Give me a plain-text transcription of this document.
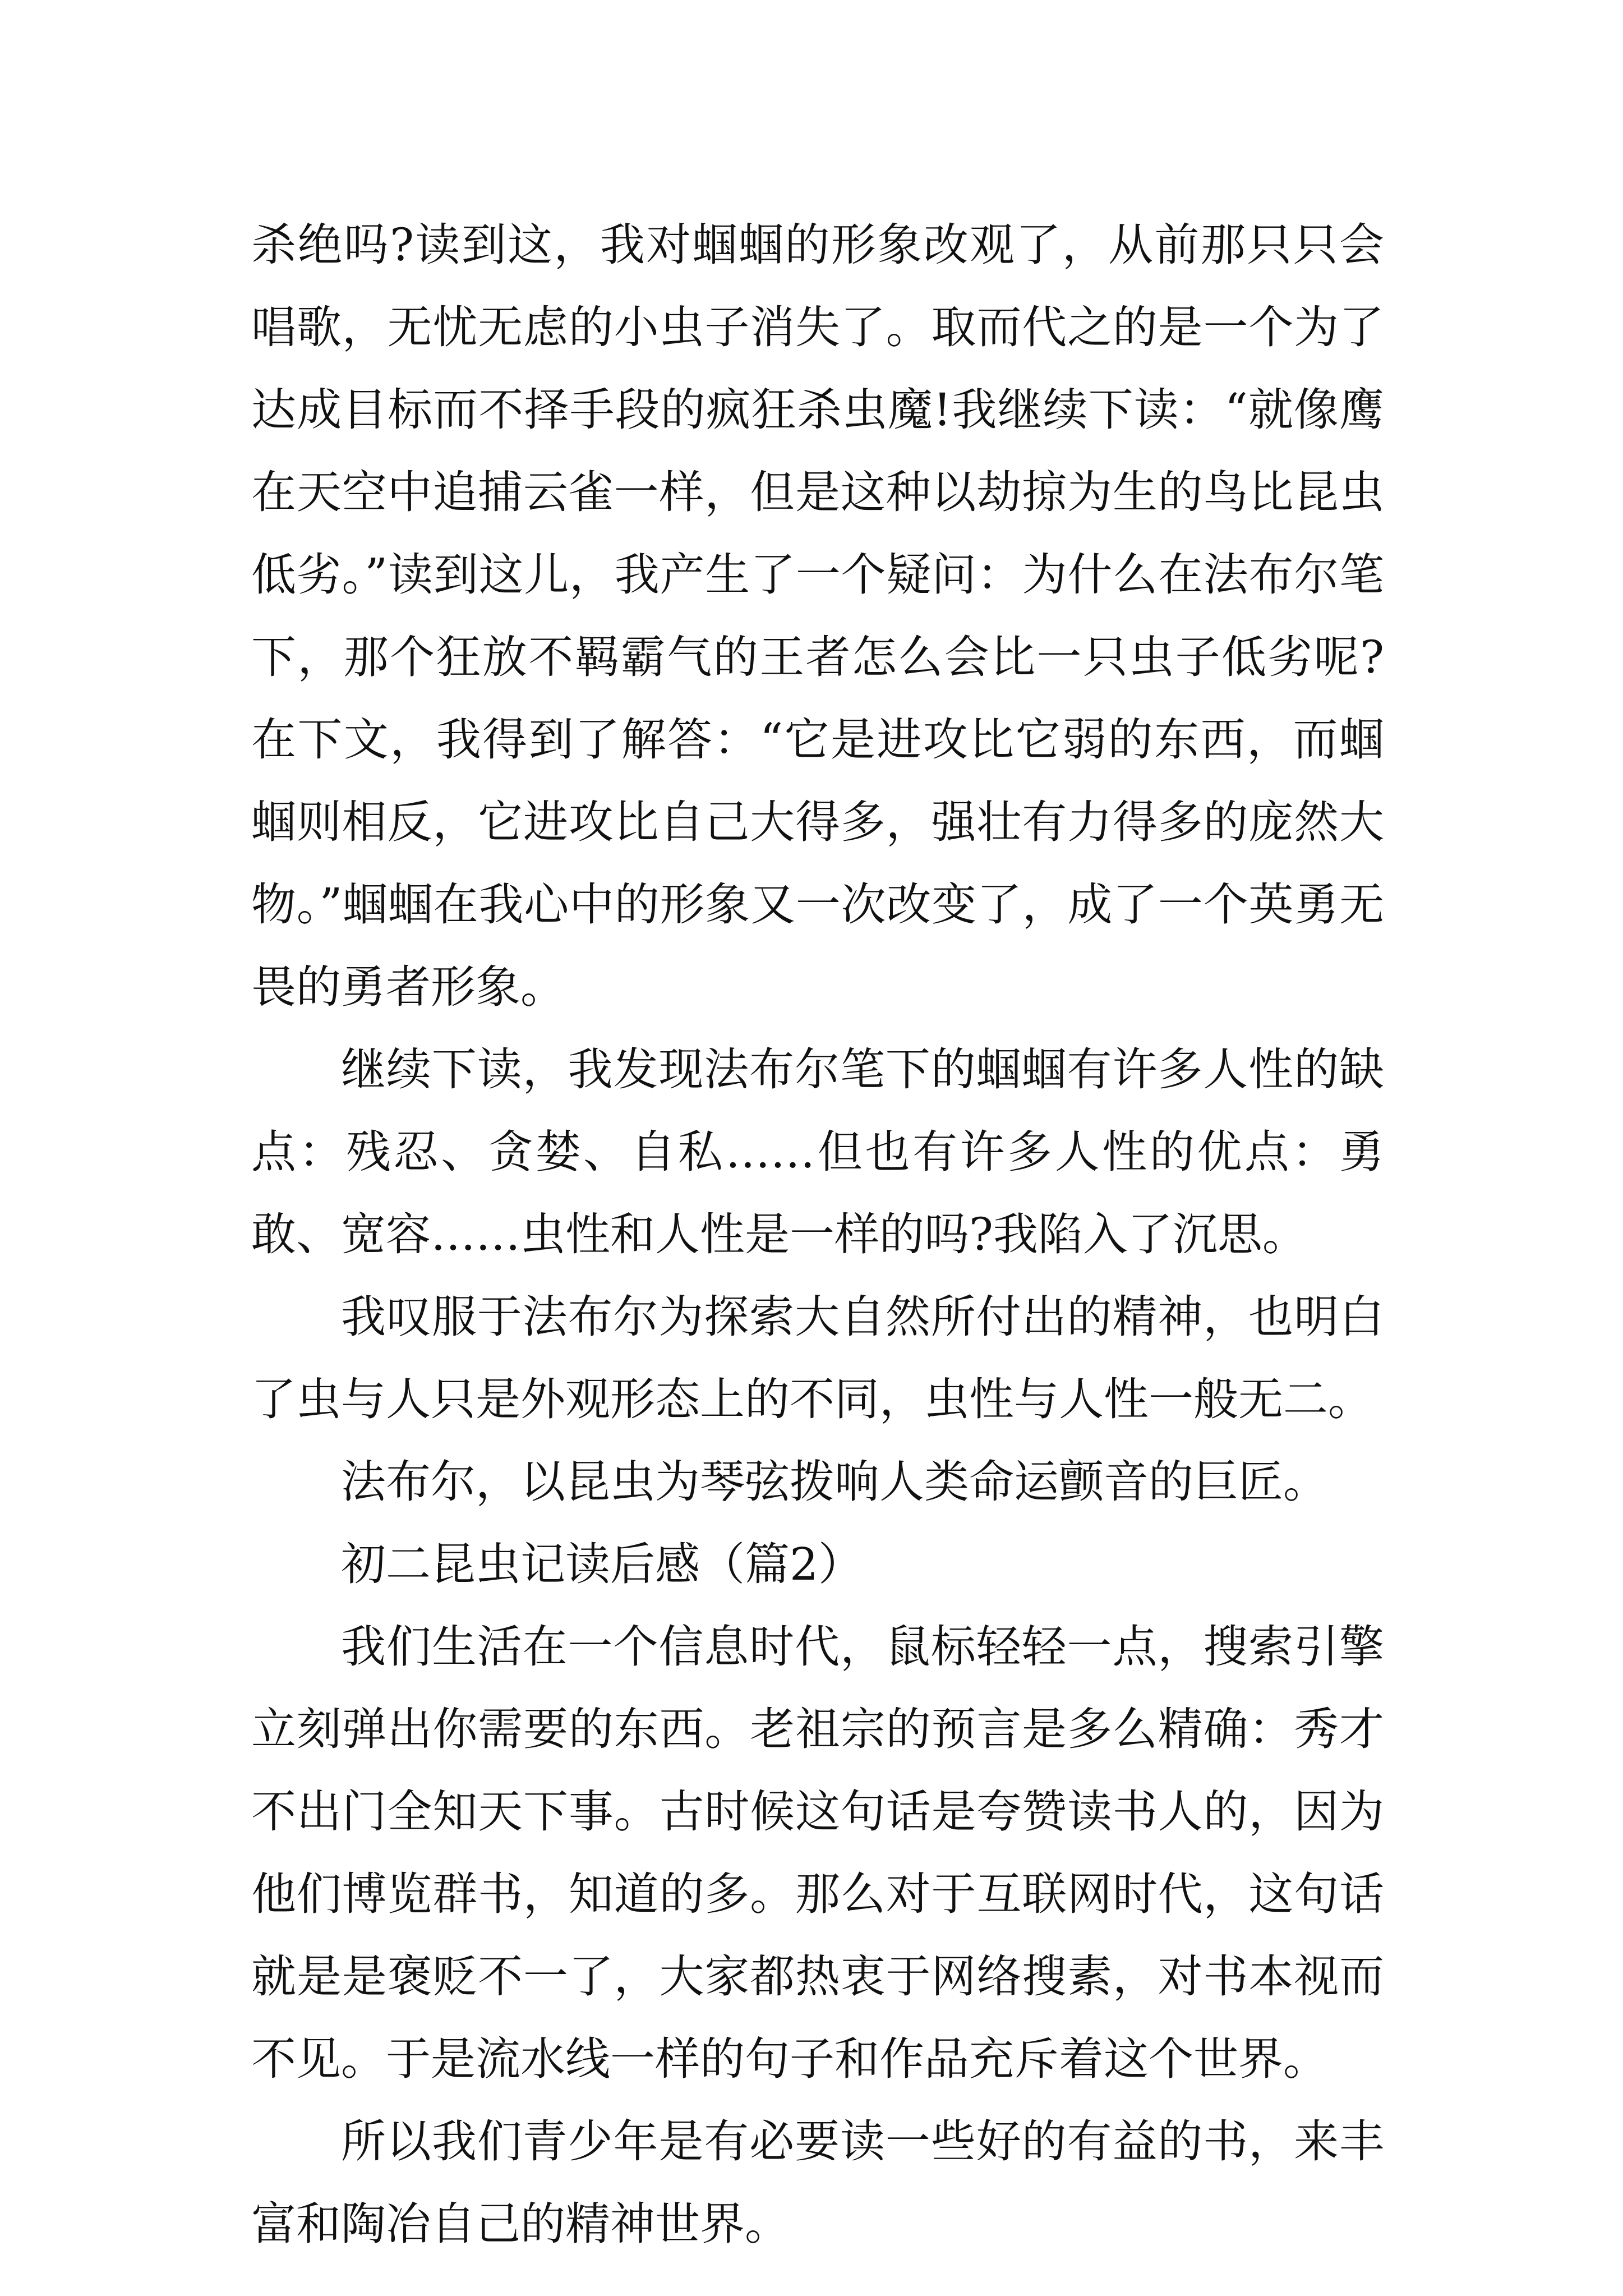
杀绝吗?读到这，我对蝈蝈的形象改观了，从前那只只会唱歌，无忧无虑的小虫子消失了。取而代之的是一个为了达成目标而不择手段的疯狂杀虫魔!我继续下读：“就像鹰在天空中追捕云雀一样，但是这种以劫掠为生的鸟比昆虫低劣。”读到这儿，我产生了一个疑问：为什么在法布尔笔下，那个狂放不羁霸气的王者怎么会比一只虫子低劣呢?在下文，我得到了解答：“它是进攻比它弱的东西，而蝈蝈则相反，它进攻比自己大得多，强壮有力得多的庞然大物。”蝈蝈在我心中的形象又一次改变了，成了一个英勇无畏的勇者形象。

继续下读，我发现法布尔笔下的蝈蝈有许多人性的缺点：残忍、贪婪、自私……但也有许多人性的优点：勇敢、宽容……虫性和人性是一样的吗?我陷入了沉思。

我叹服于法布尔为探索大自然所付出的精神，也明白了虫与人只是外观形态上的不同，虫性与人性一般无二。

法布尔，以昆虫为琴弦拨响人类命运颤音的巨匠。

初二昆虫记读后感（篇2）

我们生活在一个信息时代，鼠标轻轻一点，搜索引擎立刻弹出你需要的东西。老祖宗的预言是多么精确：秀才不出门全知天下事。古时候这句话是夸赞读书人的，因为他们博览群书，知道的多。那么对于互联网时代，这句话就是是褒贬不一了，大家都热衷于网络搜素，对书本视而不见。于是流水线一样的句子和作品充斥着这个世界。

所以我们青少年是有必要读一些好的有益的书，来丰富和陶冶自己的精神世界。
